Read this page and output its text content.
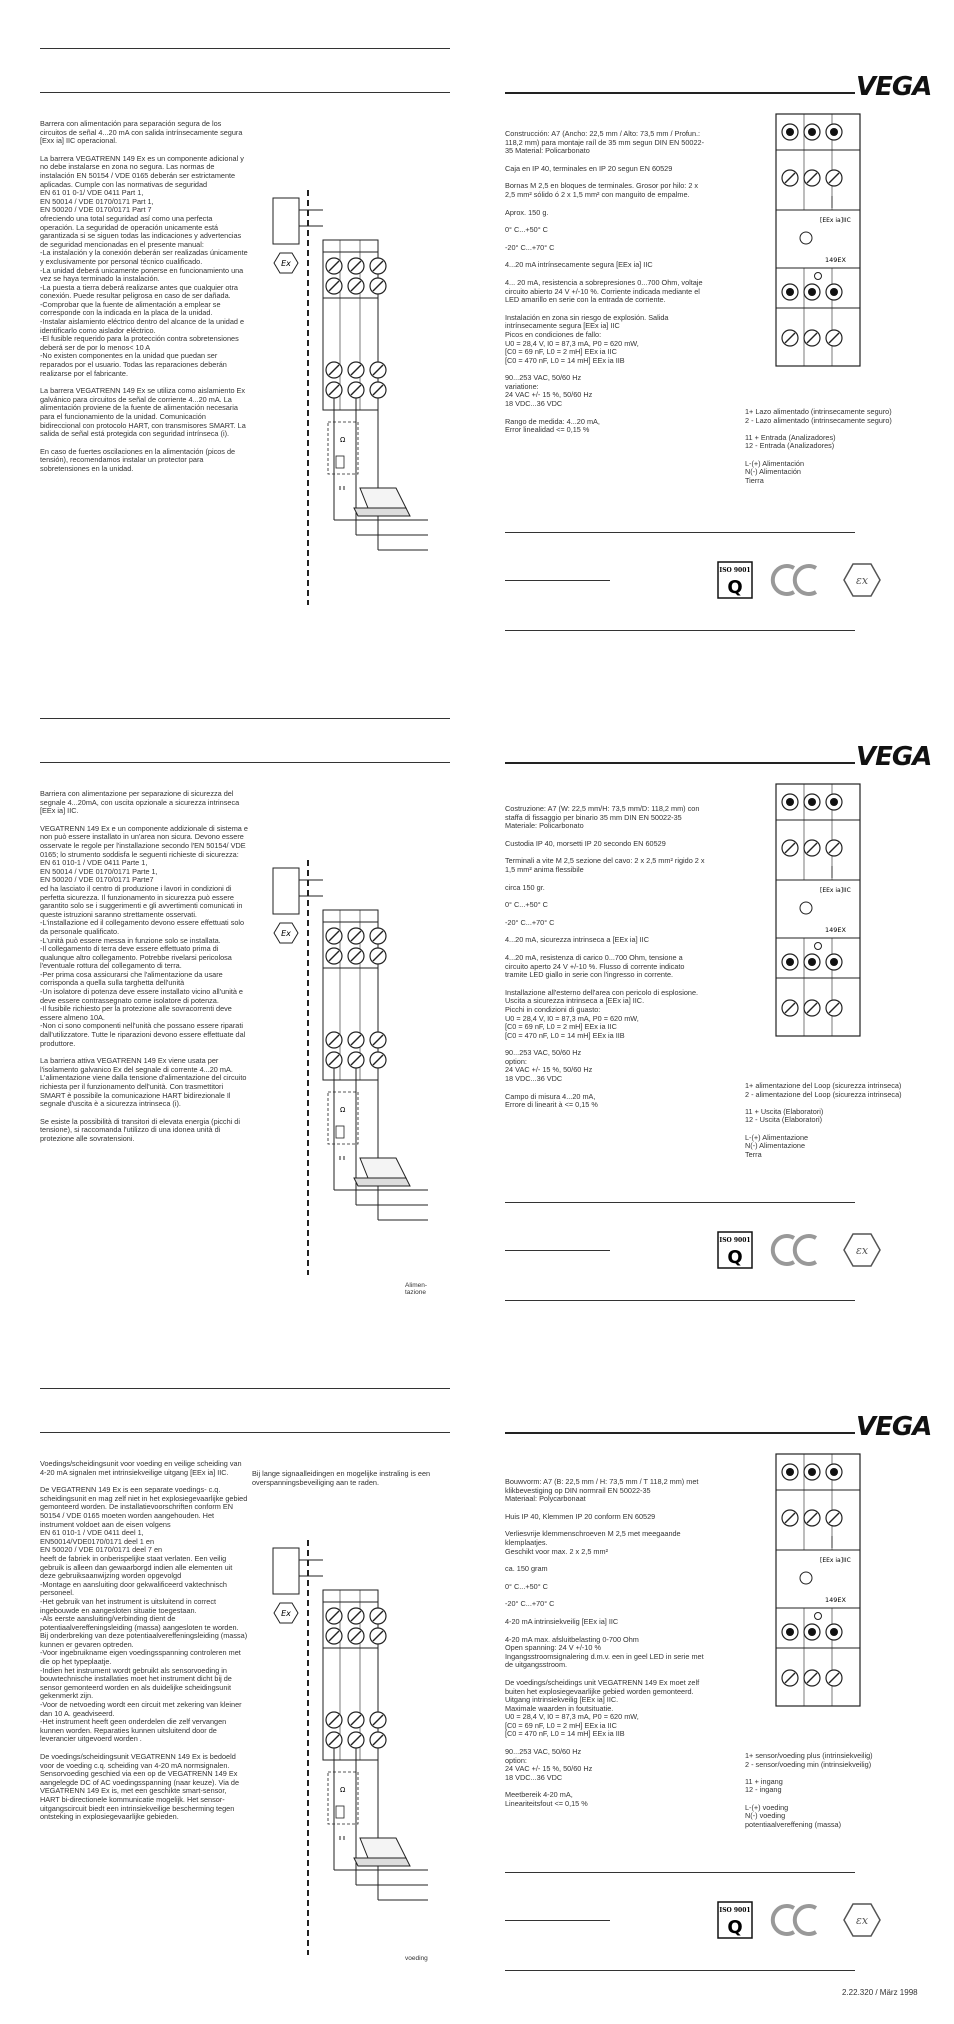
VEGA

Barrera con alimentación para separación segura de los circuitos de señal 4...20 mA con salida intrínsecamente segura [Exx ia] IIC operacional.

La barrera VEGATRENN 149 Ex es un componente adicional y no debe instalarse en zona no segura. Las normas de instalación EN 50154 / VDE 0165 deberán ser estrictamente aplicadas. Cumple con las normativas de seguridad
EN 61 01 0-1/ VDE 0411 Part 1,
EN 50014 / VDE 0170/0171 Part 1,
EN 50020 / VDE 0170/0171 Part 7
ofreciendo una total seguridad así como una perfecta operación. La seguridad de operación unicamente está garantizada si se siguen todas las indicaciones y advertencias de seguridad mencionadas en el presente manual:
-La instalación y la conexión deberán ser realizadas únicamente y exclusivamente por personal técnico cualificado.
-La unidad deberá unicamente ponerse en funcionamiento una vez se haya terminado la instalación.
-La puesta a tierra deberá realizarse antes que cualquier otra conexión. Puede resultar peligrosa en caso de ser dañada.
-Comprobar que la fuente de alimentación a emplear se corresponde con la indicada en la placa de la unidad.
-Instalar aislamiento eléctrico dentro del alcance de la unidad e identificarlo como aislador eléctrico.
-El fusible requerido para la protección contra sobretensiones deberá ser de por lo menos< 10 A
-No existen componentes en la unidad que puedan ser reparados por el usuario. Todas las reparaciones deberán realizarse por el fabricante.

La barrera VEGATRENN 149 Ex se utiliza como aislamiento Ex galvánico para circuitos de señal de corriente 4...20 mA. La alimentación proviene de la fuente de alimentación necesaria para el funcionamiento de la unidad. Comunicación bidireccional con protocolo HART, con transmisores SMART. La salida de señal está protegida con seguridad intrínseca (i).

En caso de fuertes oscilaciones en la alimentación (picos de tensión), recomendamos instalar un protector para sobretensiones en la unidad.

Ex
Ω

Construcción: A7 (Ancho: 22,5 mm / Alto: 73,5 mm / Profun.: 118,2 mm) para montaje raíl de 35 mm segun DIN EN 50022-35 Material: Policarbonato

Caja en IP 40, terminales en IP 20 segun EN 60529

Bornas M 2,5 en bloques de terminales. Grosor por hilo: 2 x 2,5 mm² sólido ó 2 x 1,5 mm² con manguito de empalme.

Aprox. 150 g.

0° C...+50° C

-20° C...+70° C

4...20 mA intrínsecamente segura [EEx ia] IIC

4... 20 mA, resistencia a sobrepresiones 0...700 Ohm, voltaje circuito abierto 24 V +/-10 %. Corriente indicada mediante el LED amarillo en serie con la entrada de corriente.

Instalación en zona sin riesgo de explosión. Salida intrínsecamente segura [EEx ia] IIC
Picos en condiciones de fallo:
U0 = 28,4 V, I0 = 87,3 mA, P0 = 620 mW,
[C0 = 69 nF, L0 = 2 mH] EEx ia IIC
[C0 = 470 nF, L0 = 14 mH] EEx ia IIB

90...253 VAC, 50/60 Hz
variatione:
24 VAC +/- 15 %, 50/60 Hz
18 VDC...36 VDC

Rango de medida: 4...20 mA,
Error linealidad <= 0,15 %

[EEx ia]IIC
149EX
1+ Lazo alimentado (intrinsecamente seguro)
2 - Lazo alimentado (intrinsecamente seguro)

11 + Entrada (Analizadores)
12 - Entrada (Analizadores)

L-(+) Alimentación
N(-) Alimentación
Tierra
ISO 9001
Q	εx
VEGA

Barriera con alimentazione per separazione di sicurezza del segnale 4...20mA, con uscita opzionale a sicurezza intrinseca [EEx ia] IIC.

VEGATRENN 149 Ex e un componente addizionale di sistema e non può essere installato in un'area non sicura. Devono essere osservate le regole per l'installazione secondo l'EN 50154/ VDE 0165; lo strumento soddisfa le seguenti richieste di sicurezza:
EN 61 010-1 / VDE 0411 Parte 1,
EN 50014 / VDE 0170/0171 Parte 1,
EN 50020 / VDE 0170/0171 Parte7
ed ha lasciato il centro di produzione i lavori in condizioni di perfetta sicurezza. Il funzionamento in sicurezza può essere garantito solo se i suggerimenti e gli avvertimenti comunicati in queste istruzioni saranno strettamente osservati.
-L'installazione ed il collegamento devono essere effettuati solo da personale qualificato.
-L'unità può essere messa in funzione solo se installata.
-Il collegamento di terra deve essere effettuato prima di qualunque altro collegamento. Potrebbe rivelarsi pericolosa l'eventuale rottura del collegamento di terra.
-Per prima cosa assicurarsi che l'alimentazione da usare corrisponda a quella sulla targhetta dell'unità
-Un isolatore di potenza deve essere installato vicino all'unità e deve essere contrassegnato come isolatore di potenza.
-Il fusibile richiesto per la protezione alle sovracorrenti deve essere almeno 10A.
-Non ci sono componenti nell'unità che possano essere riparati dall'utilizzatore. Tutte le riparazioni devono essere effettuate dal produttore.

La barriera attiva VEGATRENN 149 Ex viene usata per l'isolamento galvanico Ex del segnale di corrente 4...20 mA. L'alimentazione viene dalla tensione d'alimentazione del circuito richiesta per il funzionamento dell'unità. Con trasmettitori SMART è possibile la comunicazione HART bidirezionale Il segnale d'uscita è a sicurezza intrinseca (i).

Se esiste la possibilità di transitori di elevata energia (picchi di tensione), si raccomanda l'utilizzo di una idonea unità di protezione alle sovratensioni.

Ex
Ω
Alimen-
tazione

Costruzione: A7 (W: 22,5 mm/H: 73,5 mm/D: 118,2 mm) con staffa di fissaggio per binario 35 mm DIN EN 50022-35
Materiale: Policarbonato

Custodia IP 40, morsetti IP 20 secondo EN 60529

Terminali a vite M 2,5 sezione del cavo: 2 x 2,5 mm² rigido 2 x 1,5 mm² anima flessibile

circa 150 gr.

0° C...+50° C

-20° C...+70° C

4...20 mA, sicurezza intrinseca a [EEx ia] IIC

4...20 mA, resistenza di carico 0...700 Ohm, tensione a circuito aperto 24 V +/-10 %. Flusso di corrente indicato tramite LED giallo in serie con l'ingresso in corrente.

Installazione all'esterno dell'area con pericolo di esplosione.
Uscita a sicurezza intrinseca a [EEx ia] IIC.
Picchi in condizioni di guasto:
U0 = 28,4 V, I0 = 87,3 mA, P0 = 620 mW,
[C0 = 69 nF, L0 = 2 mH] EEx ia IIC
[C0 = 470 nF, L0 = 14 mH] EEx ia IIB

90...253 VAC, 50/60 Hz
option:
24 VAC +/- 15 %, 50/60 Hz
18 VDC...36 VDC

Campo di misura 4...20 mA,
Errore di linearit à <= 0,15 %

[EEx ia]IIC
149EX
1+ alimentazione del Loop (sicurezza intrinseca)
2 - alimentazione del Loop (sicurezza intrinseca)

11 + Uscita (Elaboratori)
12 - Uscita (Elaboratori)

L-(+) Alimentazione
N(-) Alimentazione
Terra
ISO 9001
Q	εx
VEGA

Voedings/scheidingsunit voor voeding en veilige scheiding van 4-20 mA signalen met intrinsiekveilige uitgang [EEx ia] IIC.

De VEGATRENN 149 Ex is een separate voedings- c.q. scheidingsunit en mag zelf niet in het explosiegevaarlijke gebied gemonteerd worden. De installatievoorschriften conform EN 50154 / VDE 0165 moeten worden aangehouden. Het instrument voldoet aan de eisen volgens
EN 61 010-1 / VDE 0411 deel 1,
EN50014/VDE0170/0171 deel 1 en
EN 50020 / VDE 0170/0171 deel 7 en
heeft de fabriek in onberispelijke staat verlaten. Een veilig gebruik is alleen dan gewaarborgd indien alle elementen uit deze gebruiksaanwijzing worden opgevolgd
-Montage en aansluiting door gekwalificeerd vaktechnisch personeel.
-Het gebruik van het instrument is uitsluitend in correct ingebouwde en aangesloten situatie toegestaan.
-Als eerste aansluiting/verbinding dient de potentiaalvereffeningsleiding (massa) aangesloten te worden. Bij onderbreking van deze potentiaalvereffeningsleiding (massa) kunnen er gevaren optreden.
-Voor ingebruikname eigen voedingsspanning controleren met die op het typeplaatje.
-Indien het instrument wordt gebruikt als sensorvoeding in bouwtechnische installaties moet het instrument dicht bij de sensor gemonteerd worden en als duidelijke scheidingsunit gekenmerkt zijn.
-Voor de netvoeding wordt een circuit met zekering van kleiner dan 10 A. geadviseerd.
-Het instrument heeft geen onderdelen die zelf vervangen kunnen worden. Reparaties kunnen uitsluitend door de leverancier uitgevoerd worden .

De voedings/scheidingsunit VEGATRENN 149 Ex is bedoeld voor de voeding c.q. scheiding van 4-20 mA normsignalen. Sensorvoeding geschied via een op de VEGATRENN 149 Ex aangelegde DC of AC voedingsspanning (naar keuze). Via de VEGATRENN 149 Ex is, met een geschikte smart-sensor, HART bi-directionele kommunicatie mogelijk. Het sensor-uitgangscircuit biedt een intrinsiekveilige bescherming tegen ontsteking in explosiegevaarlijke gebieden.

Bij lange signaalleidingen en mogelijke instraling is een overspanningsbeveiliging aan te raden.
Ex
Ω
voeding

Bouwvorm: A7 (B: 22,5 mm / H: 73,5 mm / T 118,2 mm) met klikbevestiging op DIN normrail EN 50022-35
Materiaal: Polycarbonaat

Huis IP 40, Klemmen IP 20 conform EN 60529

Verliesvrije klemmenschroeven M 2,5 met meegaande klemplaatjes.
Geschikt voor max. 2 x 2,5 mm²

ca. 150 gram

0° C...+50° C

-20° C...+70° C

4-20 mA intrinsiekveilig [EEx ia] IIC

4-20 mA max. afsluitbelasting 0-700 Ohm
Open spanning: 24 V +/-10 %
Ingangsstroomsignalering d.m.v. een in geel LED in serie met de uitgangsstroom.

De voedings/scheidings unit VEGATRENN 149 Ex moet zelf buiten het explosiegevaarlijke gebied worden gemonteerd. Uitgang intrinsiekveilig [EEx ia] IIC.
Maximale waarden in foutsituatie.
U0 = 28,4 V, I0 = 87,3 mA, P0 = 620 mW,
[C0 = 69 nF, L0 = 2 mH] EEx ia IIC
[C0 = 470 nF, L0 = 14 mH] EEx ia IIB

90...253 VAC, 50/60 Hz
option:
24 VAC +/- 15 %, 50/60 Hz
18 VDC...36 VDC

Meetbereik 4-20 mA,
Lineariteitsfout <= 0,15 %

[EEx ia]IIC
149EX
1+ sensor/voeding plus (intrinsiekveilig)
2 - sensor/voeding min (intrinsiekveilig)

11 + ingang
12 - ingang

L-(+) voeding
N(-) voeding
potentiaalvereffening (massa)
ISO 9001
Q	εx
2.22.320 / März 1998
